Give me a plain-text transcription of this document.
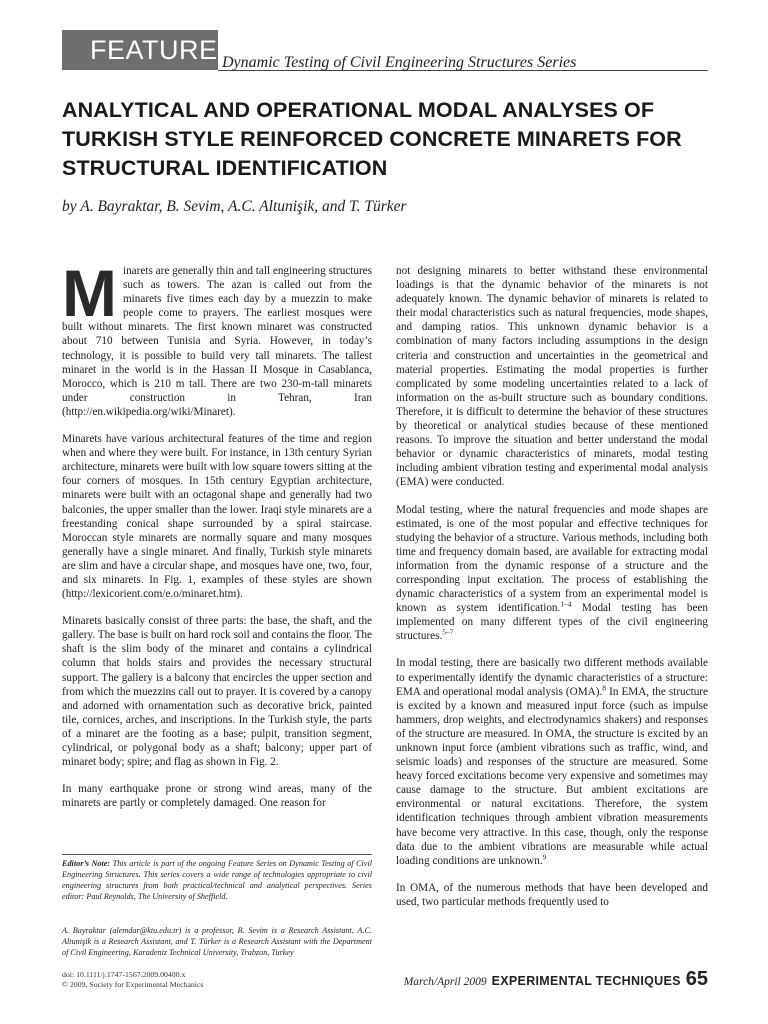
FEATURE Dynamic Testing of Civil Engineering Structures Series
ANALYTICAL AND OPERATIONAL MODAL ANALYSES OF TURKISH STYLE REINFORCED CONCRETE MINARETS FOR STRUCTURAL IDENTIFICATION
by A. Bayraktar, B. Sevim, A.C. Altunişik, and T. Türker

Minarets are generally thin and tall engineering structures such as towers. The azan is called out from the minarets five times each day by a muezzin to make people come to prayers. The earliest mosques were built without minarets. The first known minaret was constructed about 710 between Tunisia and Syria. However, in today’s technology, it is possible to build very tall minarets. The tallest minaret in the world is in the Hassan II Mosque in Casablanca, Morocco, which is 210 m tall. There are two 230-m-tall minarets under construction in Tehran, Iran (http://en.wikipedia.org/wiki/Minaret).

Minarets have various architectural features of the time and region when and where they were built. For instance, in 13th century Syrian architecture, minarets were built with low square towers sitting at the four corners of mosques. In 15th century Egyptian architecture, minarets were built with an octagonal shape and generally had two balconies, the upper smaller than the lower. Iraqi style minarets are a freestanding conical shape surrounded by a spiral staircase. Moroccan style minarets are normally square and many mosques generally have a single minaret. And finally, Turkish style minarets are slim and have a circular shape, and mosques have one, two, four, and six minarets. In Fig. 1, examples of these styles are shown (http://lexicorient.com/e.o/minaret.htm).

Minarets basically consist of three parts: the base, the shaft, and the gallery. The base is built on hard rock soil and contains the floor. The shaft is the slim body of the minaret and contains a cylindrical column that holds stairs and provides the necessary structural support. The gallery is a balcony that encircles the upper section and from which the muezzins call out to prayer. It is covered by a canopy and adorned with ornamentation such as decorative brick, painted tile, cornices, arches, and inscriptions. In the Turkish style, the parts of a minaret are the footing as a base; pulpit, transition segment, cylindrical, or polygonal body as a shaft; balcony; upper part of minaret body; spire; and flag as shown in Fig. 2.

In many earthquake prone or strong wind areas, many of the minarets are partly or completely damaged. One reason for

not designing minarets to better withstand these environmental loadings is that the dynamic behavior of the minarets is not adequately known. The dynamic behavior of minarets is related to their modal characteristics such as natural frequencies, mode shapes, and damping ratios. This unknown dynamic behavior is a combination of many factors including assumptions in the design criteria and construction and uncertainties in the geometrical and material properties. Estimating the modal properties is further complicated by some modeling uncertainties related to a lack of information on the as-built structure such as boundary conditions. Therefore, it is difficult to determine the behavior of these structures by theoretical or analytical studies because of these mentioned reasons. To improve the situation and better understand the modal behavior or dynamic characteristics of minarets, modal testing including ambient vibration testing and experimental modal analysis (EMA) were conducted.

Modal testing, where the natural frequencies and mode shapes are estimated, is one of the most popular and effective techniques for studying the behavior of a structure. Various methods, including both time and frequency domain based, are available for extracting modal information from the dynamic response of a structure and the corresponding input excitation. The process of establishing the dynamic characteristics of a system from an experimental model is known as system identification.$^{1-4}$ Modal testing has been implemented on many different types of the civil engineering structures.$^{5-7}$

In modal testing, there are basically two different methods available to experimentally identify the dynamic characteristics of a structure: EMA and operational modal analysis (OMA).$^8$ In EMA, the structure is excited by a known and measured input force (such as impulse hammers, drop weights, and electrodynamics shakers) and responses of the structure are measured. In OMA, the structure is excited by an unknown input force (ambient vibrations such as traffic, wind, and seismic loads) and responses of the structure are measured. Some heavy forced excitations become very expensive and sometimes may cause damage to the structure. But ambient excitations are environmental or natural excitations. Therefore, the system identification techniques through ambient vibration measurements have become very attractive. In this case, though, only the response data due to the ambient vibrations are measurable while actual loading conditions are unknown.$^9$

In OMA, of the numerous methods that have been developed and used, two particular methods frequently used to

Editor’s Note: This article is part of the ongoing Feature Series on Dynamic Testing of Civil Engineering Structures. This series covers a wide range of technologies appropriate to civil engineering structures from both practical/technical and analytical perspectives. Series editor: Paul Reynolds, The University of Sheffield.
A. Bayraktar (alemdar@ktu.edu.tr) is a professor, B. Sevim is a Research Assistant, A.C. Altunişik is a Research Assistant, and T. Türker is a Research Assistant with the Department of Civil Engineering, Karadeniz Technical University, Trabzon, Turkey
doi: 10.1111/j.1747-1567.2009.00400.x
© 2009, Society for Experimental Mechanics	March/April 2009 EXPERIMENTAL TECHNIQUES 65
